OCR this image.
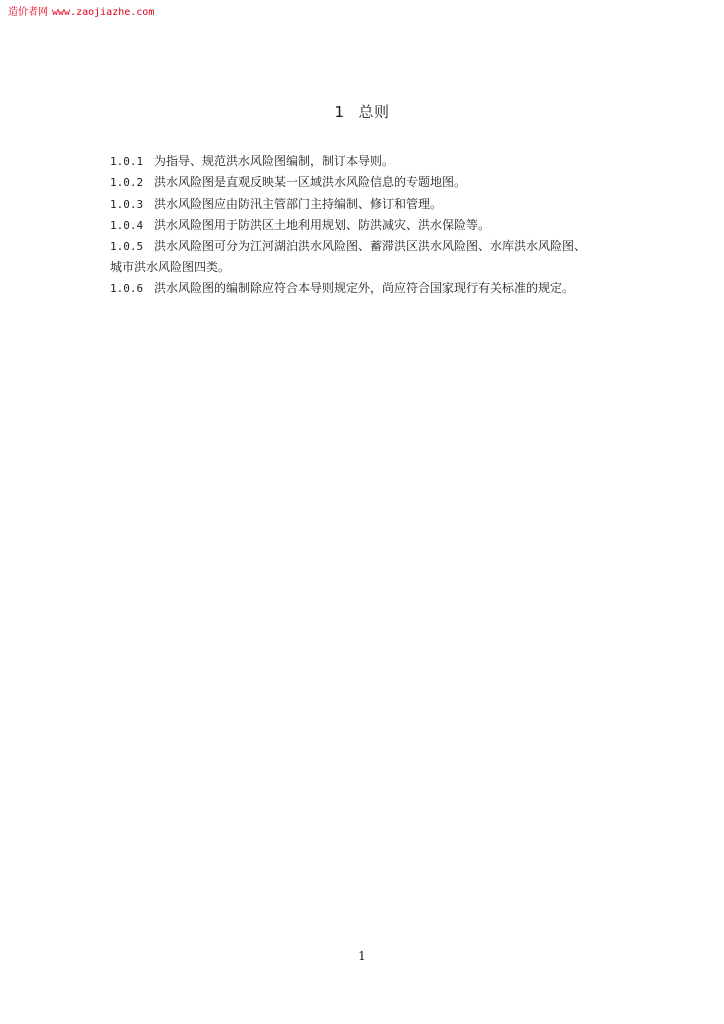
造价者网 www.zaojiazhe.com
1 总则
1.0.1 为指导、规范洪水风险图编制，制订本导则。
1.0.2 洪水风险图是直观反映某一区域洪水风险信息的专题地图。
1.0.3 洪水风险图应由防汛主管部门主持编制、修订和管理。
1.0.4 洪水风险图用于防洪区土地利用规划、防洪减灾、洪水保险等。
1.0.5 洪水风险图可分为江河湖泊洪水风险图、蓄滞洪区洪水风险图、水库洪水风险图、
城市洪水风险图四类。
1.0.6 洪水风险图的编制除应符合本导则规定外，尚应符合国家现行有关标准的规定。
1
